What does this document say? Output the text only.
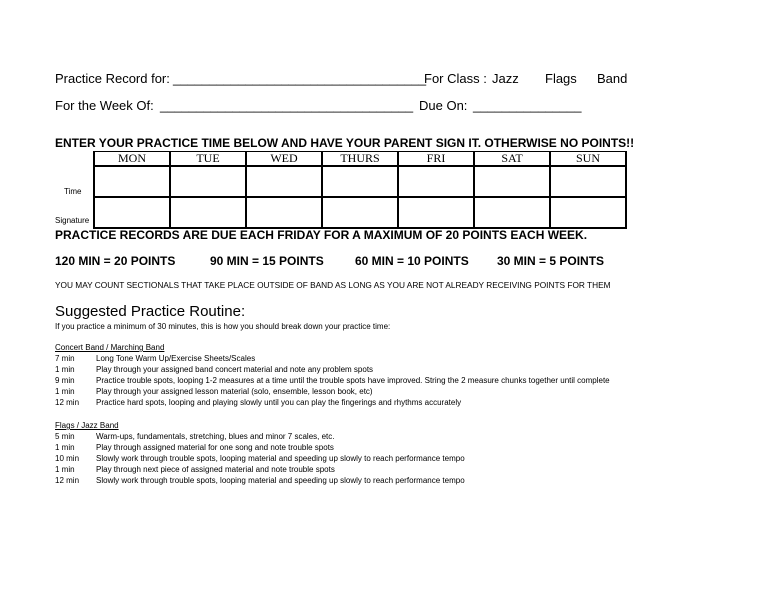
Practice Record for: ___________________________________
For Class : Jazz Flags Band
For the Week Of: ___________________________________ Due On: _______________
ENTER YOUR PRACTICE TIME BELOW AND HAVE YOUR PARENT SIGN IT. OTHERWISE NO POINTS!!
MON	TUE	WED	THURS	FRI	SAT	SUN

Time
Signature
PRACTICE RECORDS ARE DUE EACH FRIDAY FOR A MAXIMUM OF 20 POINTS EACH WEEK.
120 MIN = 20 POINTS	90 MIN = 15 POINTS	60 MIN = 10 POINTS 30 MIN = 5 POINTS
YOU MAY COUNT SECTIONALS THAT TAKE PLACE OUTSIDE OF BAND AS LONG AS YOU ARE NOT ALREADY RECEIVING POINTS FOR THEM
Suggested Practice Routine:
If you practice a minimum of 30 minutes, this is how you should break down your practice time:
Concert Band / Marching Band
7 min	Long Tone Warm Up/Exercise Sheets/Scales
1 min	Play through your assigned band concert material and note any problem spots
9 min	Practice trouble spots, looping 1-2 measures at a time until the trouble spots have improved. String the 2 measure chunks together until complete
1 min	Play through your assigned lesson material (solo, ensemble, lesson book, etc)
12 min Practice hard spots, looping and playing slowly until you can play the fingerings and rhythms accurately
Flags / Jazz Band
5 min	Warm-ups, fundamentals, stretching, blues and minor 7 scales, etc.
1 min	Play through assigned material for one song and note trouble spots
10 min Slowly work through trouble spots, looping material and speeding up slowly to reach performance tempo
1 min	Play through next piece of assigned material and note trouble spots
12 min Slowly work through trouble spots, looping material and speeding up slowly to reach performance tempo
